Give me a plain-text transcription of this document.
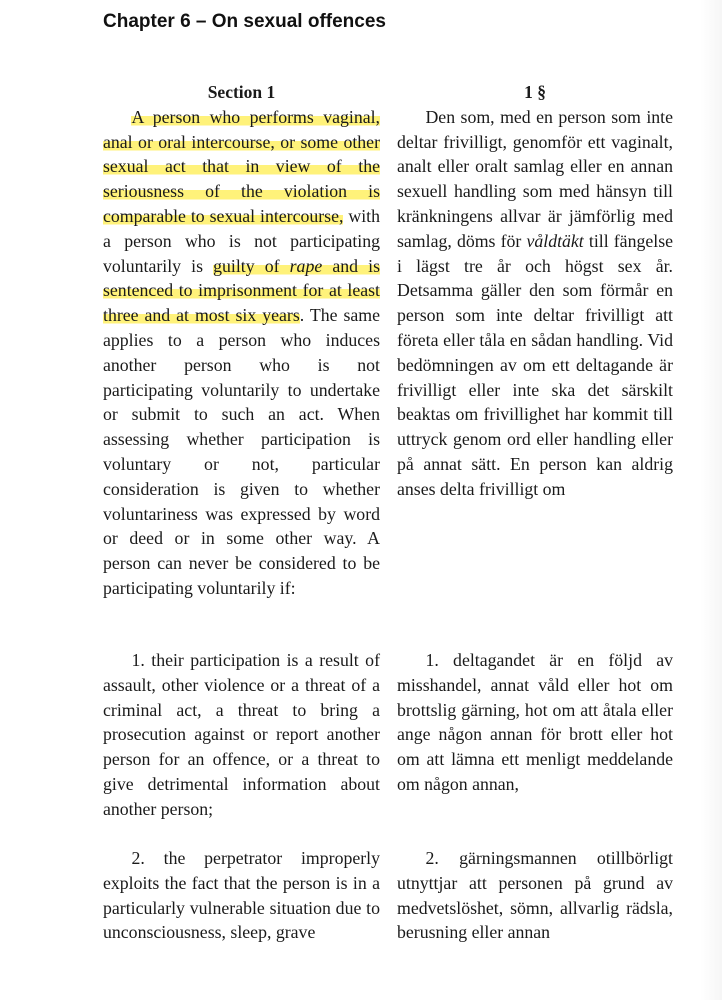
Chapter 6 – On sexual offences

Section 1

A person who performs vaginal, anal or oral intercourse, or some other sexual act that in view of the seriousness of the violation is comparable to sexual intercourse, with a person who is not participating voluntarily is guilty of rape and is sentenced to imprisonment for at least three and at most six years. The same applies to a person who induces another person who is not participating voluntarily to undertake or submit to such an act. When assessing whether participation is voluntary or not, particular consideration is given to whether voluntariness was expressed by word or deed or in some other way. A person can never be considered to be participating voluntarily if:

1 §

Den som, med en person som inte deltar frivilligt, genomför ett vaginalt, analt eller oralt samlag eller en annan sexuell handling som med hänsyn till kränkningens allvar är jämförlig med samlag, döms för våldtäkt till fängelse i lägst tre år och högst sex år. Detsamma gäller den som förmår en person som inte deltar frivilligt att företa eller tåla en sådan handling. Vid bedömningen av om ett deltagande är frivilligt eller inte ska det särskilt beaktas om frivillighet har kommit till uttryck genom ord eller handling eller på annat sätt. En person kan aldrig anses delta frivilligt om

1. their participation is a result of assault, other violence or a threat of a criminal act, a threat to bring a prosecution against or report another person for an offence, or a threat to give detrimental information about another person;

1. deltagandet är en följd av misshandel, annat våld eller hot om brottslig gärning, hot om att åtala eller ange någon annan för brott eller hot om att lämna ett menligt meddelande om någon annan,

2. the perpetrator improperly exploits the fact that the person is in a particularly vulnerable situation due to unconsciousness, sleep, grave

2. gärningsmannen otillbörligt utnyttjar att personen på grund av medvetslöshet, sömn, allvarlig rädsla, berusning eller annan
